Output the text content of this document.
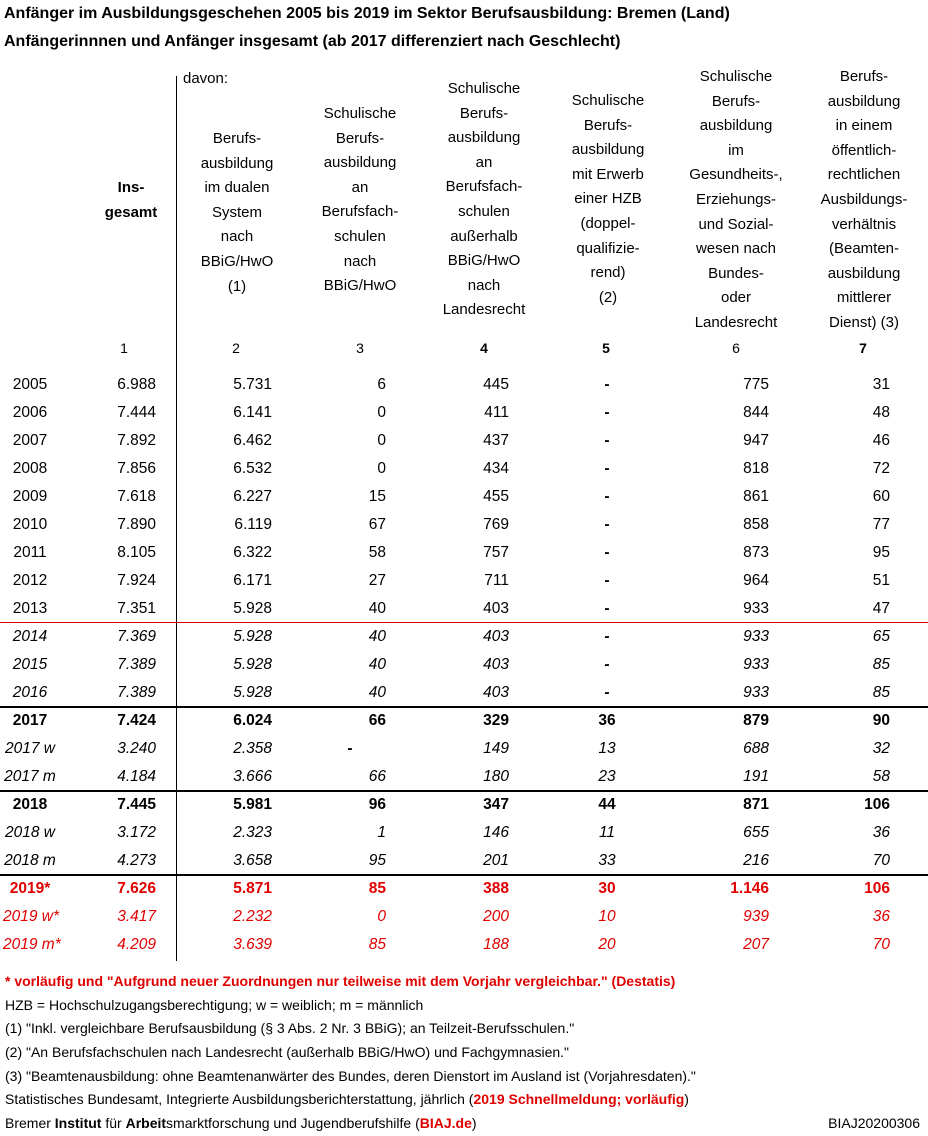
Anfänger im Ausbildungsgeschehen 2005 bis 2019 im Sektor Berufsausbildung: Bremen (Land)
Anfängerinnnen und Anfänger insgesamt (ab 2017 differenziert nach Geschlecht)
davon:
Ins-
gesamt
Berufs-
ausbildung
im dualen
System
nach
BBiG/HwO
(1)
Schulische
Berufs-
ausbildung
an
Berufsfach-
schulen
nach
BBiG/HwO
Schulische
Berufs-
ausbildung
an
Berufsfach-
schulen
außerhalb
BBiG/HwO
nach
Landesrecht
Schulische
Berufs-
ausbildung
mit Erwerb
einer HZB
(doppel-
qualifizie-
rend)
(2)
Schulische
Berufs-
ausbildung
im
Gesundheits-,
Erziehungs-
und Sozial-
wesen nach
Bundes-
oder
Landesrecht
Berufs-
ausbildung
in einem
öffentlich-
rechtlichen
Ausbildungs-
verhältnis
(Beamten-
ausbildung
mittlerer
Dienst) (3)
1	2	3	4	5	6	7
2005	6.988	5.731	6	445	-	775	31
2006	7.444	6.141	0	411	-	844	48
2007	7.892	6.462	0	437	-	947	46
2008	7.856	6.532	0	434	-	818	72
2009	7.618	6.227	15	455	-	861	60
2010	7.890	6.119	67	769	-	858	77
2011	8.105	6.322	58	757	-	873	95
2012	7.924	6.171	27	711	-	964	51
2013	7.351	5.928	40	403	-	933	47
2014	7.369	5.928	40	403	-	933	65
2015	7.389	5.928	40	403	-	933	85
2016	7.389	5.928	40	403	-	933	85
2017	7.424	6.024	66	329	36	879	90
2017 w	3.240	2.358	-	149	13	688	32
2017 m	4.184	3.666	66	180	23	191	58
2018	7.445	5.981	96	347	44	871	106
2018 w	3.172	2.323	1	146	11	655	36
2018 m	4.273	3.658	95	201	33	216	70
2019*	7.626	5.871	85	388	30	1.146	106
2019 w*	3.417	2.232	0	200	10	939	36
2019 m*	4.209	3.639	85	188	20	207	70
* vorläufig und "Aufgrund neuer Zuordnungen nur teilweise mit dem Vorjahr vergleichbar." (Destatis)
HZB = Hochschulzugangsberechtigung; w = weiblich; m = männlich
(1) "Inkl. vergleichbare Berufsausbildung (§ 3 Abs. 2 Nr. 3 BBiG); an Teilzeit-Berufsschulen."
(2) "An Berufsfachschulen nach Landesrecht (außerhalb BBiG/HwO) und Fachgymnasien."
(3) "Beamtenausbildung: ohne Beamtenanwärter des Bundes, deren Dienstort im Ausland ist (Vorjahresdaten)."
Statistisches Bundesamt, Integrierte Ausbildungsberichterstattung, jährlich (2019 Schnellmeldung; vorläufig)
Bremer Institut für Arbeitsmarktforschung und Jugendberufshilfe (BIAJ.de)	BIAJ20200306
